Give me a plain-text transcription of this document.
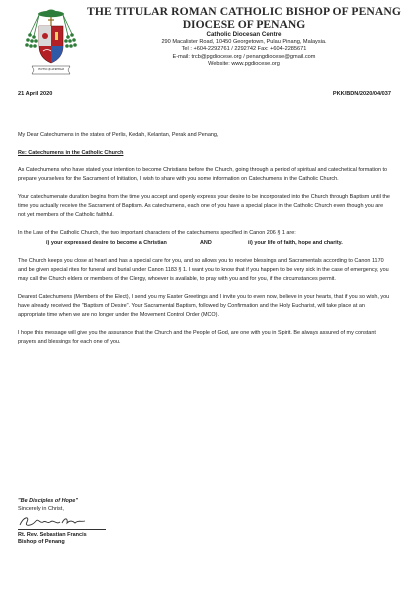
INVENI QUAEREBAM
THE TITULAR ROMAN CATHOLIC BISHOP OF PENANG
DIOCESE OF PENANG
Catholic Diocesan Centre
290 Macalister Road, 10450 Georgetown, Pulau Pinang, Malaysia.
Tel : +604-2292761 / 2292742 Fax: +604-2285671
E-mail: trcb@pgdiocese.org / penangdiocese@gmail.com
Website: www.pgdiocese.org
21 April 2020	PKK/BDN/2020/04/037

My Dear Catechumens in the states of Perlis, Kedah, Kelantan, Perak and Penang,

Re: Catechumens in the Catholic Church

As Catechumens who have stated your intention to become Christians before the Church, going through a period of spiritual and catechetical formation to prepare yourselves for the Sacrament of Initiation, I wish to share with you some information on Catechumens in the Catholic Church.

Your catechumenate duration begins from the time you accept and openly express your desire to be incorporated into the Church through Baptism until the time you actually receive the Sacrament of Baptism. As catechumens, each one of you have a special place in the Catholic Church even though you are not yet members of the Catholic faithful.

In the Law of the Catholic Church, the two important characters of the catechumens specified in Canon 206 § 1 are:

i) your expressed desire to become a Christian	AND	ii) your life of faith, hope and charity.

The Church keeps you close at heart and has a special care for you, and so allows you to receive blessings and Sacramentals according to Canon 1170 and be given special rites for funeral and burial under Canon 1183 § 1. I want you to know that if you happen to be very sick in the case of emergency, you may call the Church elders or members of the Clergy, whoever is available, to pray with you and for you, if the circumstances permit.

Dearest Catechumens (Members of the Elect), I send you my Easter Greetings and I invite you to even now, believe in your hearts, that if you so wish, you have already received the "Baptism of Desire". Your Sacramental Baptism, followed by Confirmation and the Holy Eucharist, will take place at an appropriate time when we are no longer under the Movement Control Order (MCO).

I hope this message will give you the assurance that the Church and the People of God, are one with you in Spirit. Be always assured of my constant prayers and blessings for each one of you.

"Be Disciples of Hope"
Sincerely in Christ,
Rt. Rev. Sebastian Francis
Bishop of Penang
